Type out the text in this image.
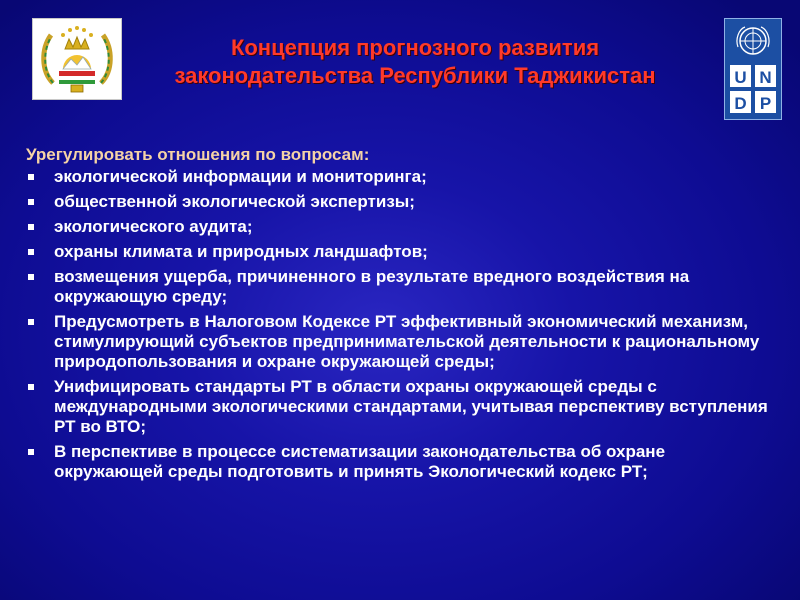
U N
D P
Концепция прогнозного развития
законодательства Республики Таджикистан
Урегулировать отношения по вопросам:
экологической информации и мониторинга;
общественной экологической экспертизы;
экологического аудита;
охраны климата и природных ландшафтов;
возмещения ущерба, причиненного в результате вредного воздействия на окружающую среду;
Предусмотреть в Налоговом Кодексе РТ эффективный экономический механизм, стимулирующий субъектов предпринимательской деятельности к рациональному природопользования и охране окружающей среды;
Унифицировать стандарты РТ в области охраны окружающей среды с международными экологическими стандартами, учитывая перспективу вступления РТ во ВТО;
В перспективе в процессе систематизации законодательства об охране окружающей среды подготовить и принять Экологический кодекс РТ;
